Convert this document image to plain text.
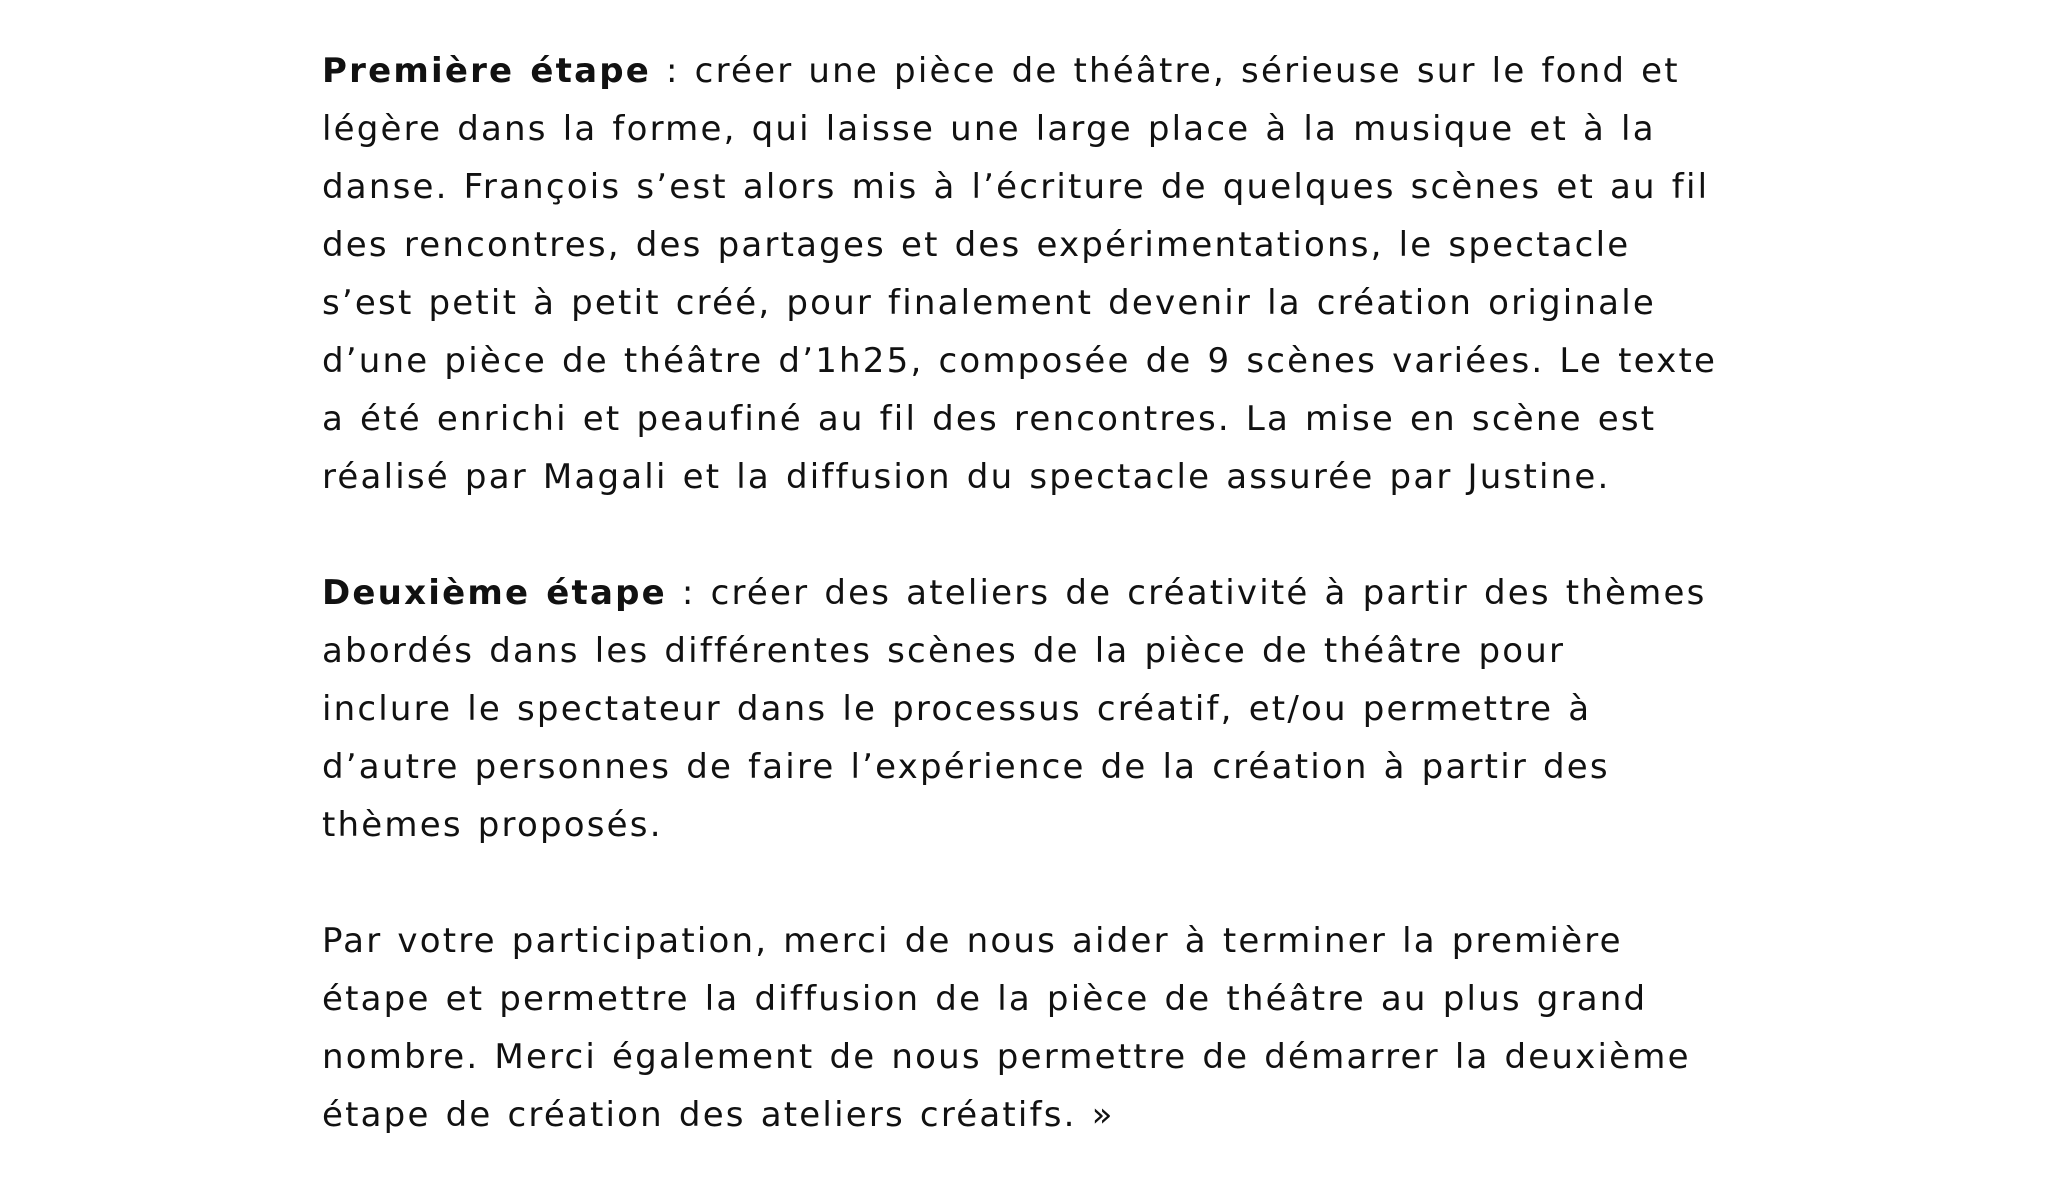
Première étape : créer une pièce de théâtre, sérieuse sur le fond et
légère dans la forme, qui laisse une large place à la musique et à la
danse. François s’est alors mis à l’écriture de quelques scènes et au fil
des rencontres, des partages et des expérimentations, le spectacle
s’est petit à petit créé, pour finalement devenir la création originale
d’une pièce de théâtre d’1h25, composée de 9 scènes variées. Le texte
a été enrichi et peaufiné au fil des rencontres. La mise en scène est
réalisé par Magali et la diffusion du spectacle assurée par Justine.

Deuxième étape : créer des ateliers de créativité à partir des thèmes
abordés dans les différentes scènes de la pièce de théâtre pour
inclure le spectateur dans le processus créatif, et/ou permettre à
d’autre personnes de faire l’expérience de la création à partir des
thèmes proposés.

Par votre participation, merci de nous aider à terminer la première
étape et permettre la diffusion de la pièce de théâtre au plus grand
nombre. Merci également de nous permettre de démarrer la deuxième
étape de création des ateliers créatifs. »
